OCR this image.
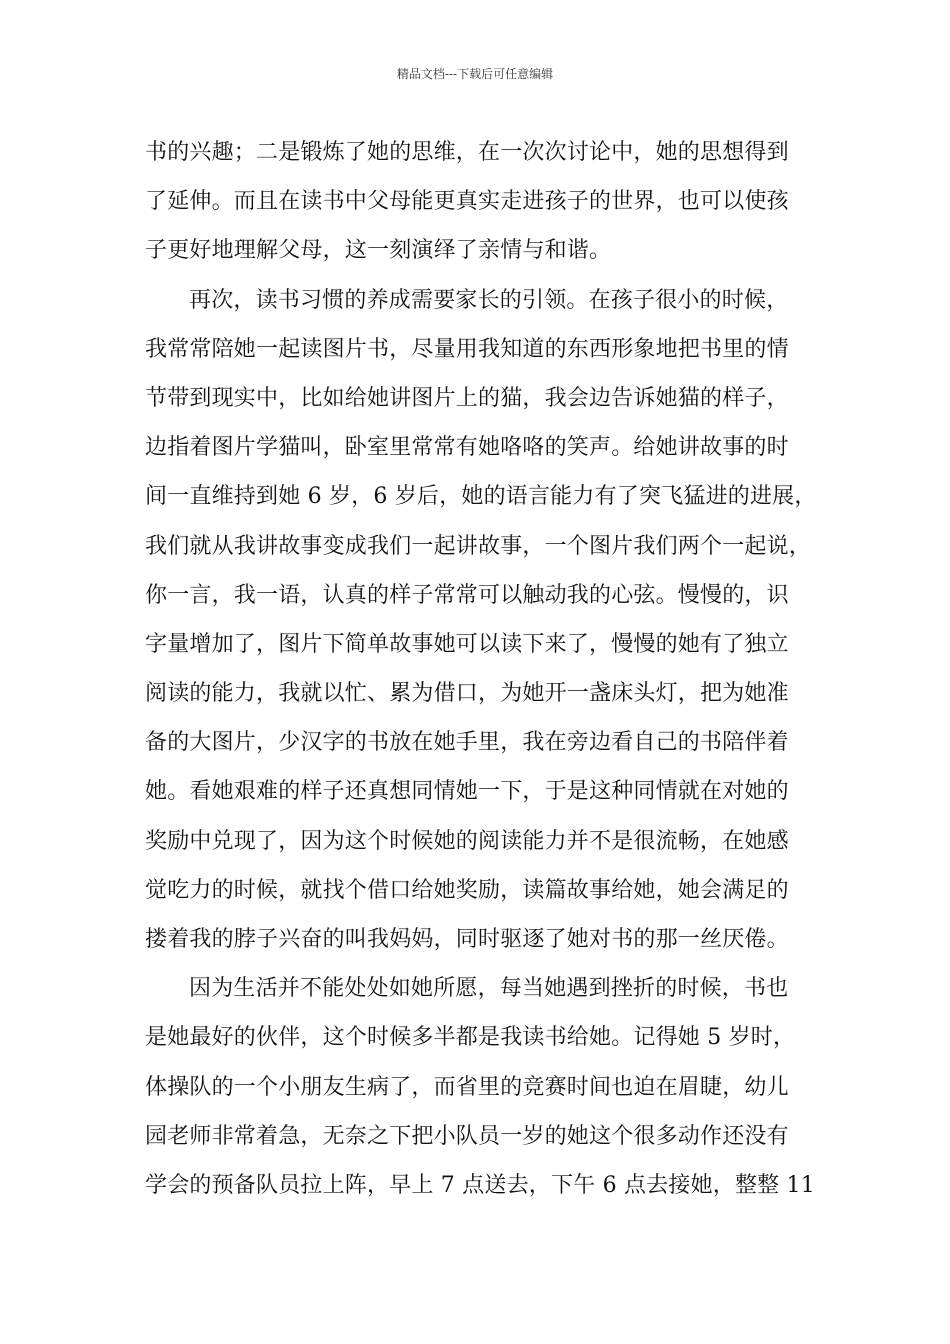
精品文档---下载后可任意编辑
书的兴趣；二是锻炼了她的思维，在一次次讨论中，她的思想得到
了延伸。而且在读书中父母能更真实走进孩子的世界，也可以使孩
子更好地理解父母，这一刻演绎了亲情与和谐。
再次，读书习惯的养成需要家长的引领。在孩子很小的时候，
我常常陪她一起读图片书，尽量用我知道的东西形象地把书里的情
节带到现实中，比如给她讲图片上的猫，我会边告诉她猫的样子，
边指着图片学猫叫，卧室里常常有她咯咯的笑声。给她讲故事的时
间一直维持到她 6 岁，6 岁后，她的语言能力有了突飞猛进的进展，
我们就从我讲故事变成我们一起讲故事，一个图片我们两个一起说，
你一言，我一语，认真的样子常常可以触动我的心弦。慢慢的，识
字量增加了，图片下简单故事她可以读下来了，慢慢的她有了独立
阅读的能力，我就以忙、累为借口，为她开一盏床头灯，把为她准
备的大图片，少汉字的书放在她手里，我在旁边看自己的书陪伴着
她。看她艰难的样子还真想同情她一下，于是这种同情就在对她的
奖励中兑现了，因为这个时候她的阅读能力并不是很流畅，在她感
觉吃力的时候，就找个借口给她奖励，读篇故事给她，她会满足的
搂着我的脖子兴奋的叫我妈妈，同时驱逐了她对书的那一丝厌倦。
因为生活并不能处处如她所愿，每当她遇到挫折的时候，书也
是她最好的伙伴，这个时候多半都是我读书给她。记得她 5 岁时，
体操队的一个小朋友生病了，而省里的竞赛时间也迫在眉睫，幼儿
园老师非常着急，无奈之下把小队员一岁的她这个很多动作还没有
学会的预备队员拉上阵，早上 7 点送去，下午 6 点去接她，整整 11
